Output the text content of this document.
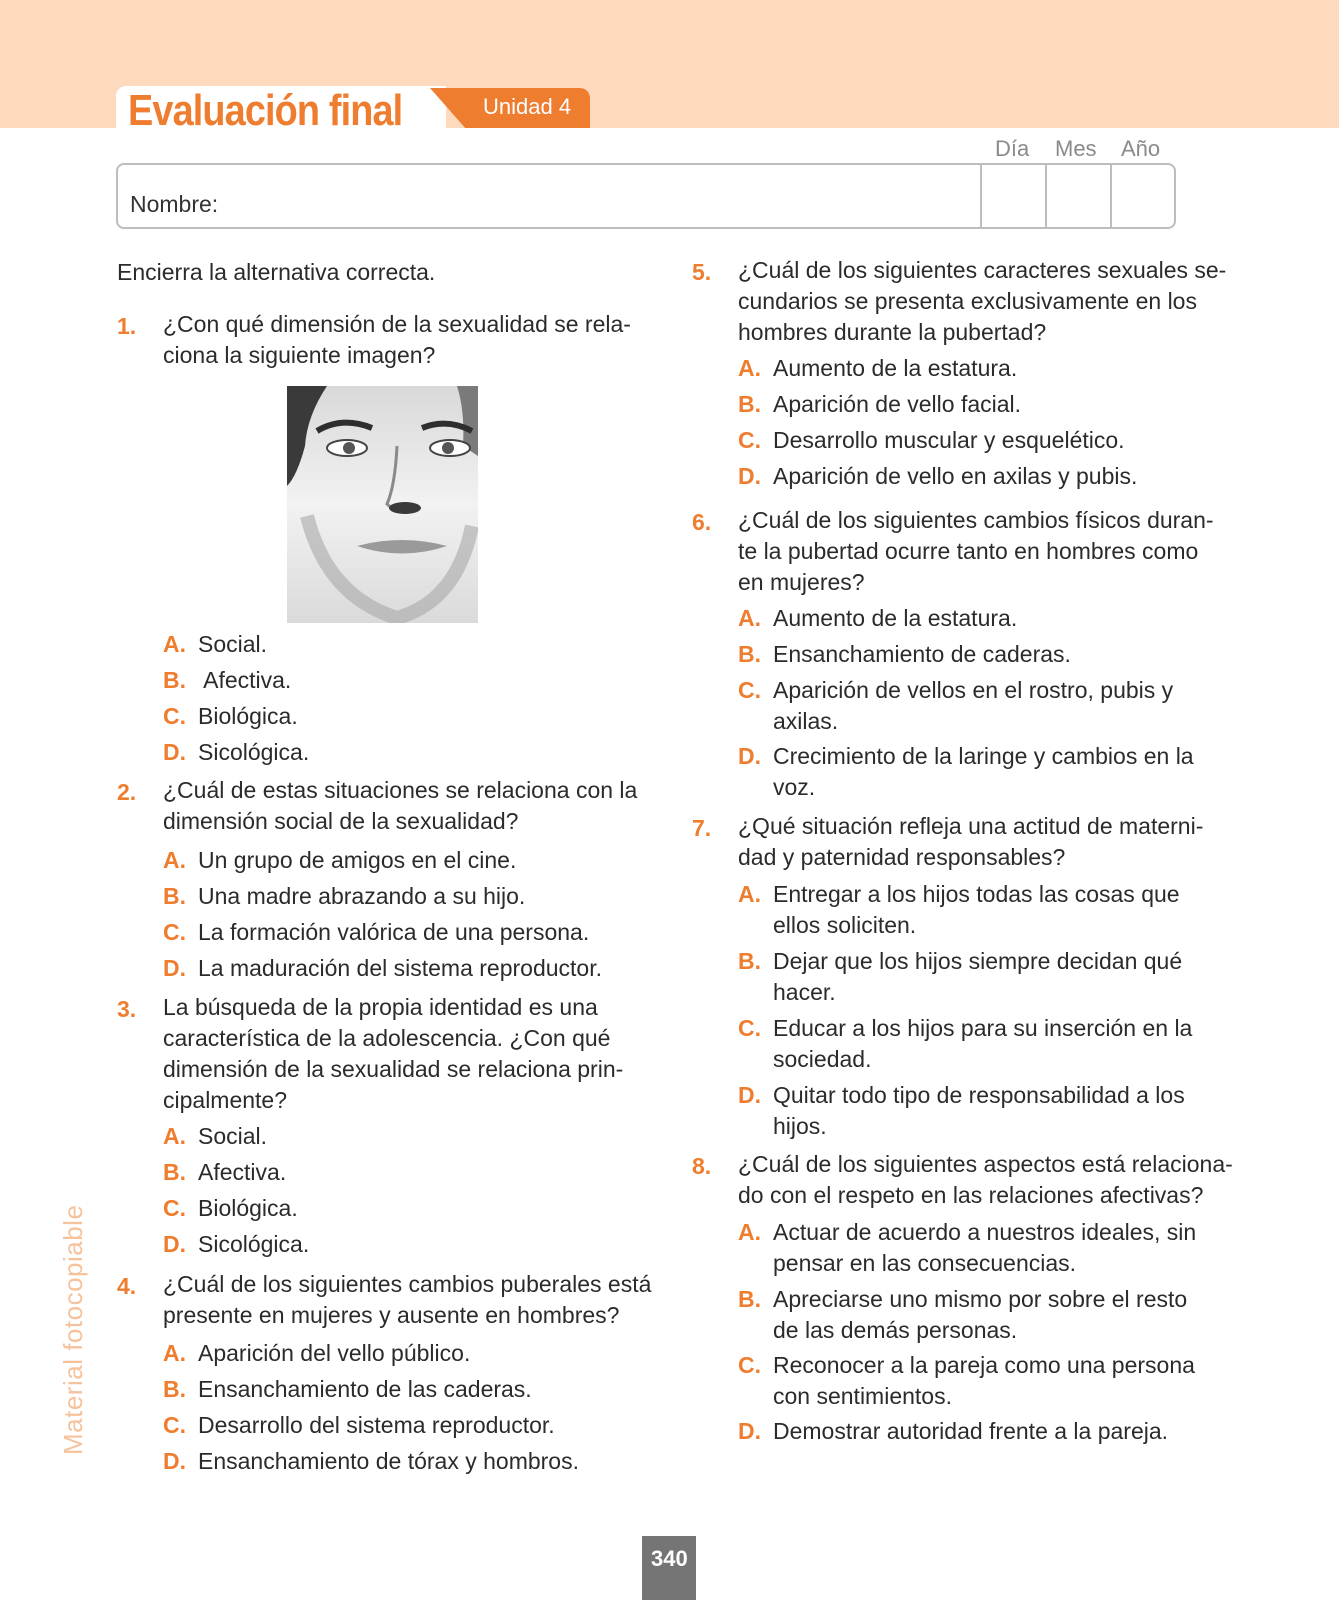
Evaluación final	Unidad 4
Día Mes Año
Nombre:
Encierra la alternativa correcta.
1. ¿Con qué dimensión de la sexualidad se rela-
ciona la siguiente imagen?
A. Social.
B. Afectiva.
C. Biológica.
D. Sicológica.
2. ¿Cuál de estas situaciones se relaciona con la
dimensión social de la sexualidad?
A. Un grupo de amigos en el cine.
B. Una madre abrazando a su hijo.
C. La formación valórica de una persona.
D. La maduración del sistema reproductor.
3. La búsqueda de la propia identidad es una
característica de la adolescencia. ¿Con qué
dimensión de la sexualidad se relaciona prin-
cipalmente?
A. Social.
B. Afectiva.
C. Biológica.
D. Sicológica.
4. ¿Cuál de los siguientes cambios puberales está
presente en mujeres y ausente en hombres?
A. Aparición del vello público.
B. Ensanchamiento de las caderas.
C. Desarrollo del sistema reproductor.
D. Ensanchamiento de tórax y hombros.
5. ¿Cuál de los siguientes caracteres sexuales se-
cundarios se presenta exclusivamente en los
hombres durante la pubertad?
A. Aumento de la estatura.
B. Aparición de vello facial.
C. Desarrollo muscular y esquelético.
D. Aparición de vello en axilas y pubis.
6. ¿Cuál de los siguientes cambios físicos duran-
te la pubertad ocurre tanto en hombres como
en mujeres?
A. Aumento de la estatura.
B. Ensanchamiento de caderas.
C. Aparición de vellos en el rostro, pubis y
axilas.
D. Crecimiento de la laringe y cambios en la
voz.
7. ¿Qué situación refleja una actitud de materni-
dad y paternidad responsables?
A. Entregar a los hijos todas las cosas que
ellos soliciten.
B. Dejar que los hijos siempre decidan qué
hacer.
C. Educar a los hijos para su inserción en la
sociedad.
D. Quitar todo tipo de responsabilidad a los
hijos.
8. ¿Cuál de los siguientes aspectos está relaciona-
do con el respeto en las relaciones afectivas?
A. Actuar de acuerdo a nuestros ideales, sin
pensar en las consecuencias.
B. Apreciarse uno mismo por sobre el resto
de las demás personas.
C. Reconocer a la pareja como una persona
con sentimientos.
D. Demostrar autoridad frente a la pareja.
Material fotocopiable
340
